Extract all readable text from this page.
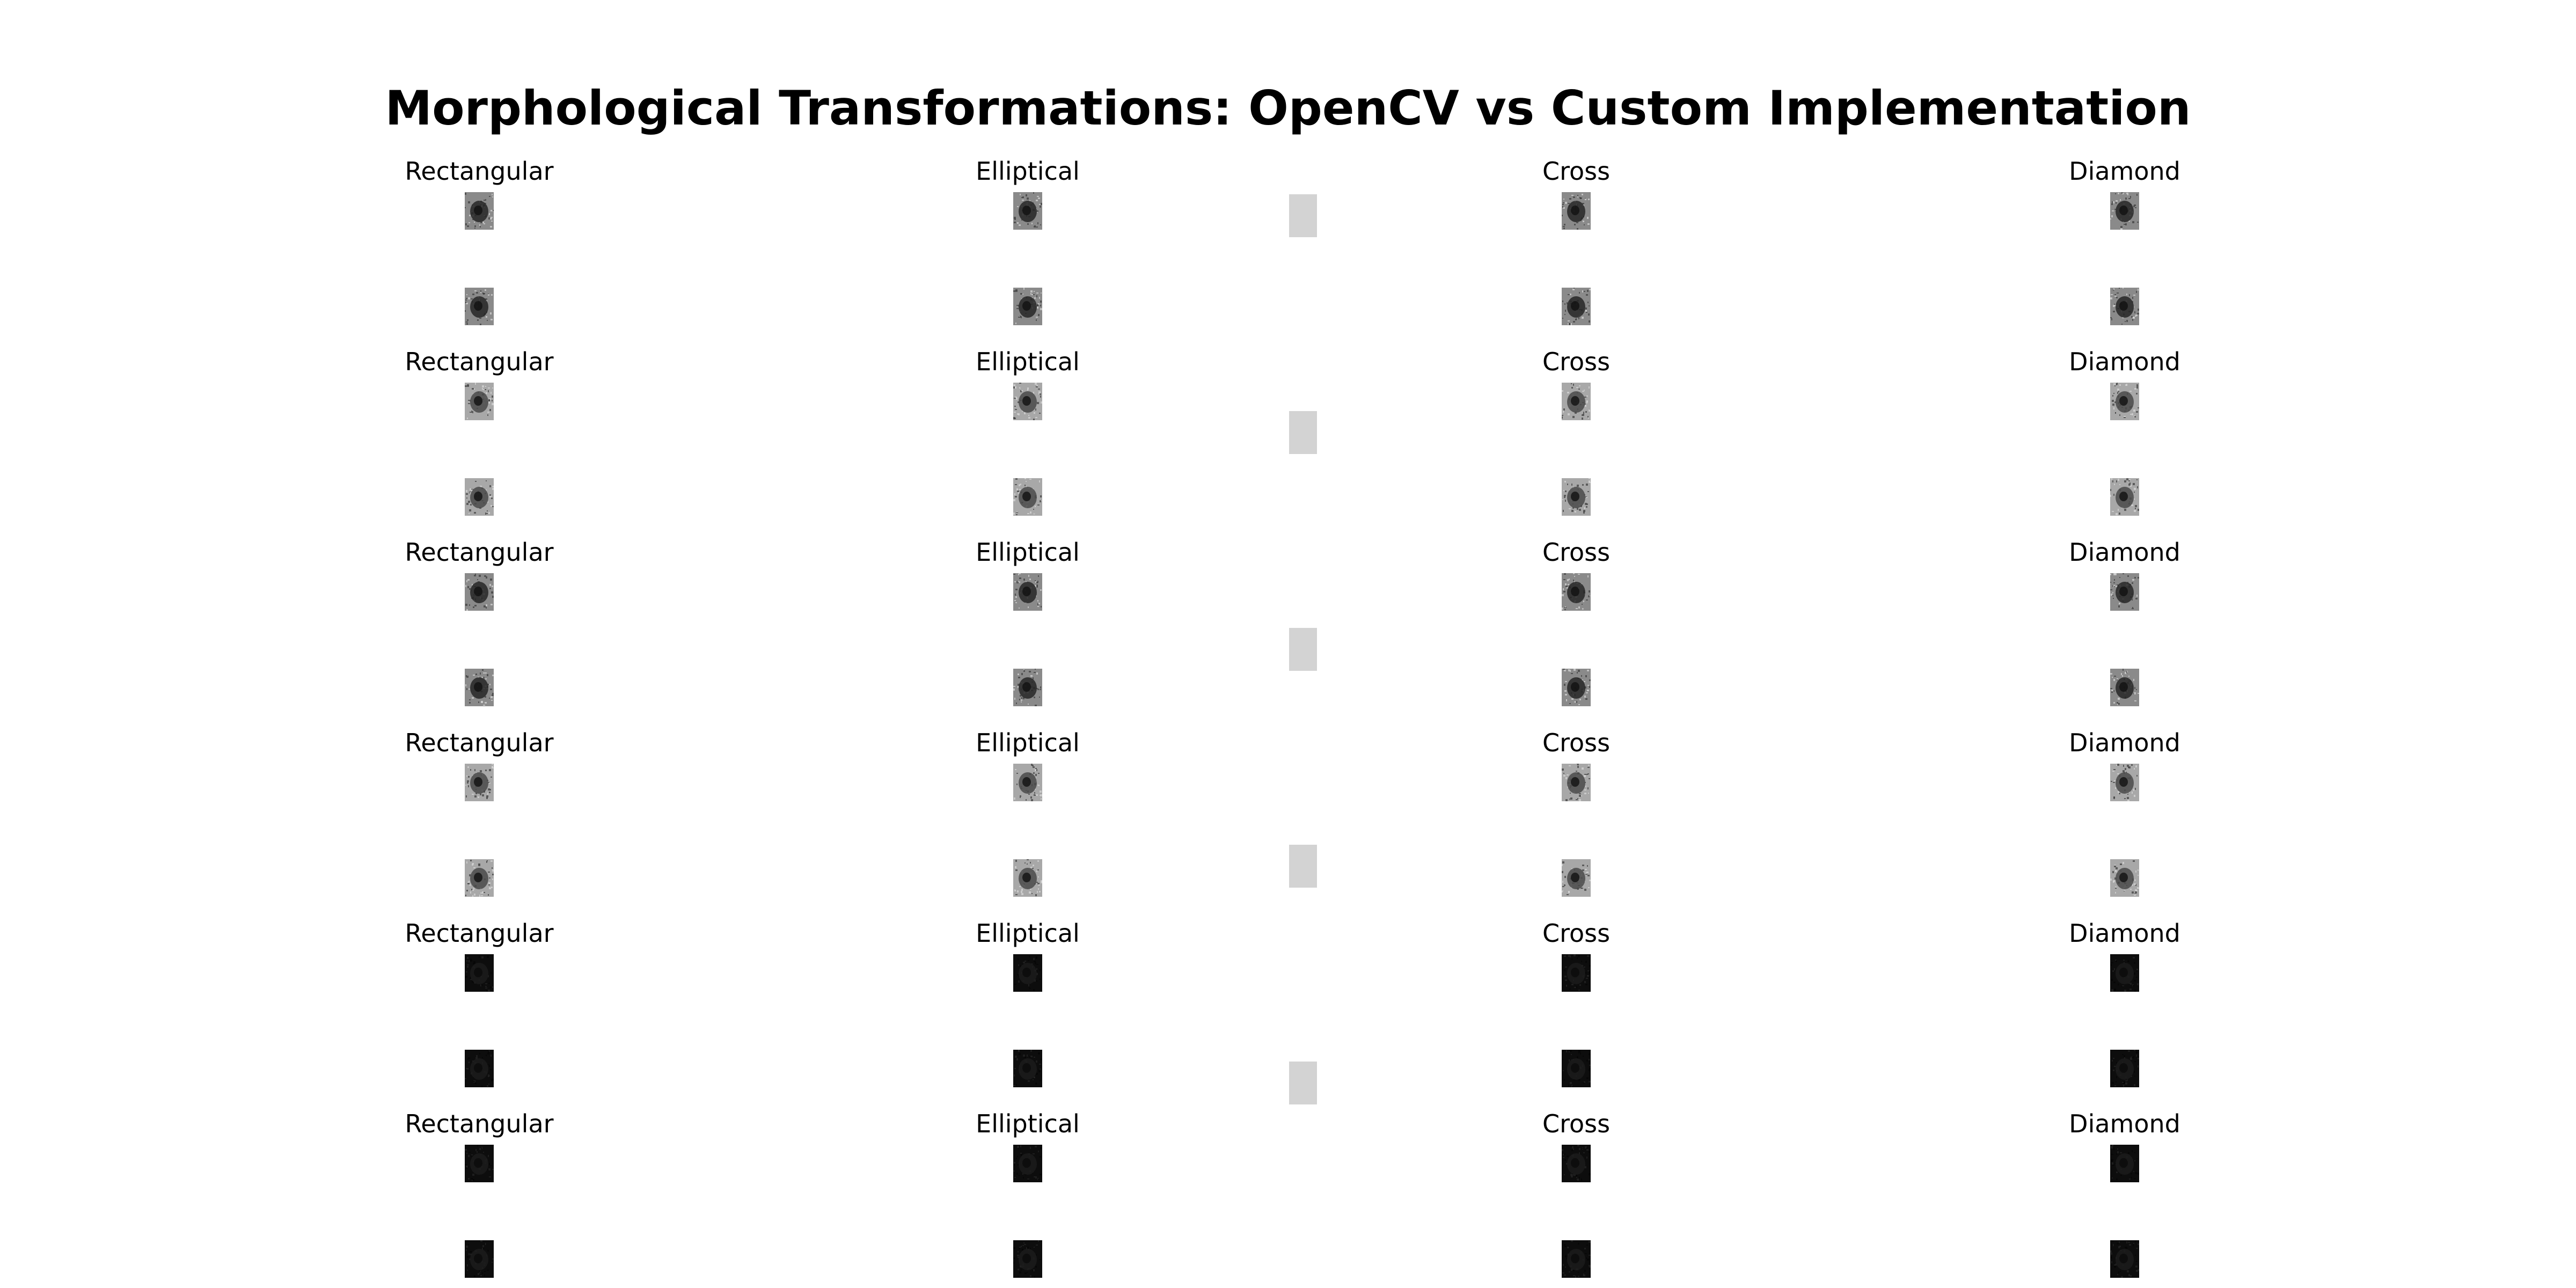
Morphological Transformations: OpenCV vs Custom Implementation
Rectangular	Elliptical	Cross	Diamond
Rectangular	Elliptical	Cross	Diamond
Rectangular	Elliptical	Cross	Diamond
Rectangular	Elliptical	Cross	Diamond
Rectangular	Elliptical	Cross	Diamond
Rectangular	Elliptical	Cross	Diamond
